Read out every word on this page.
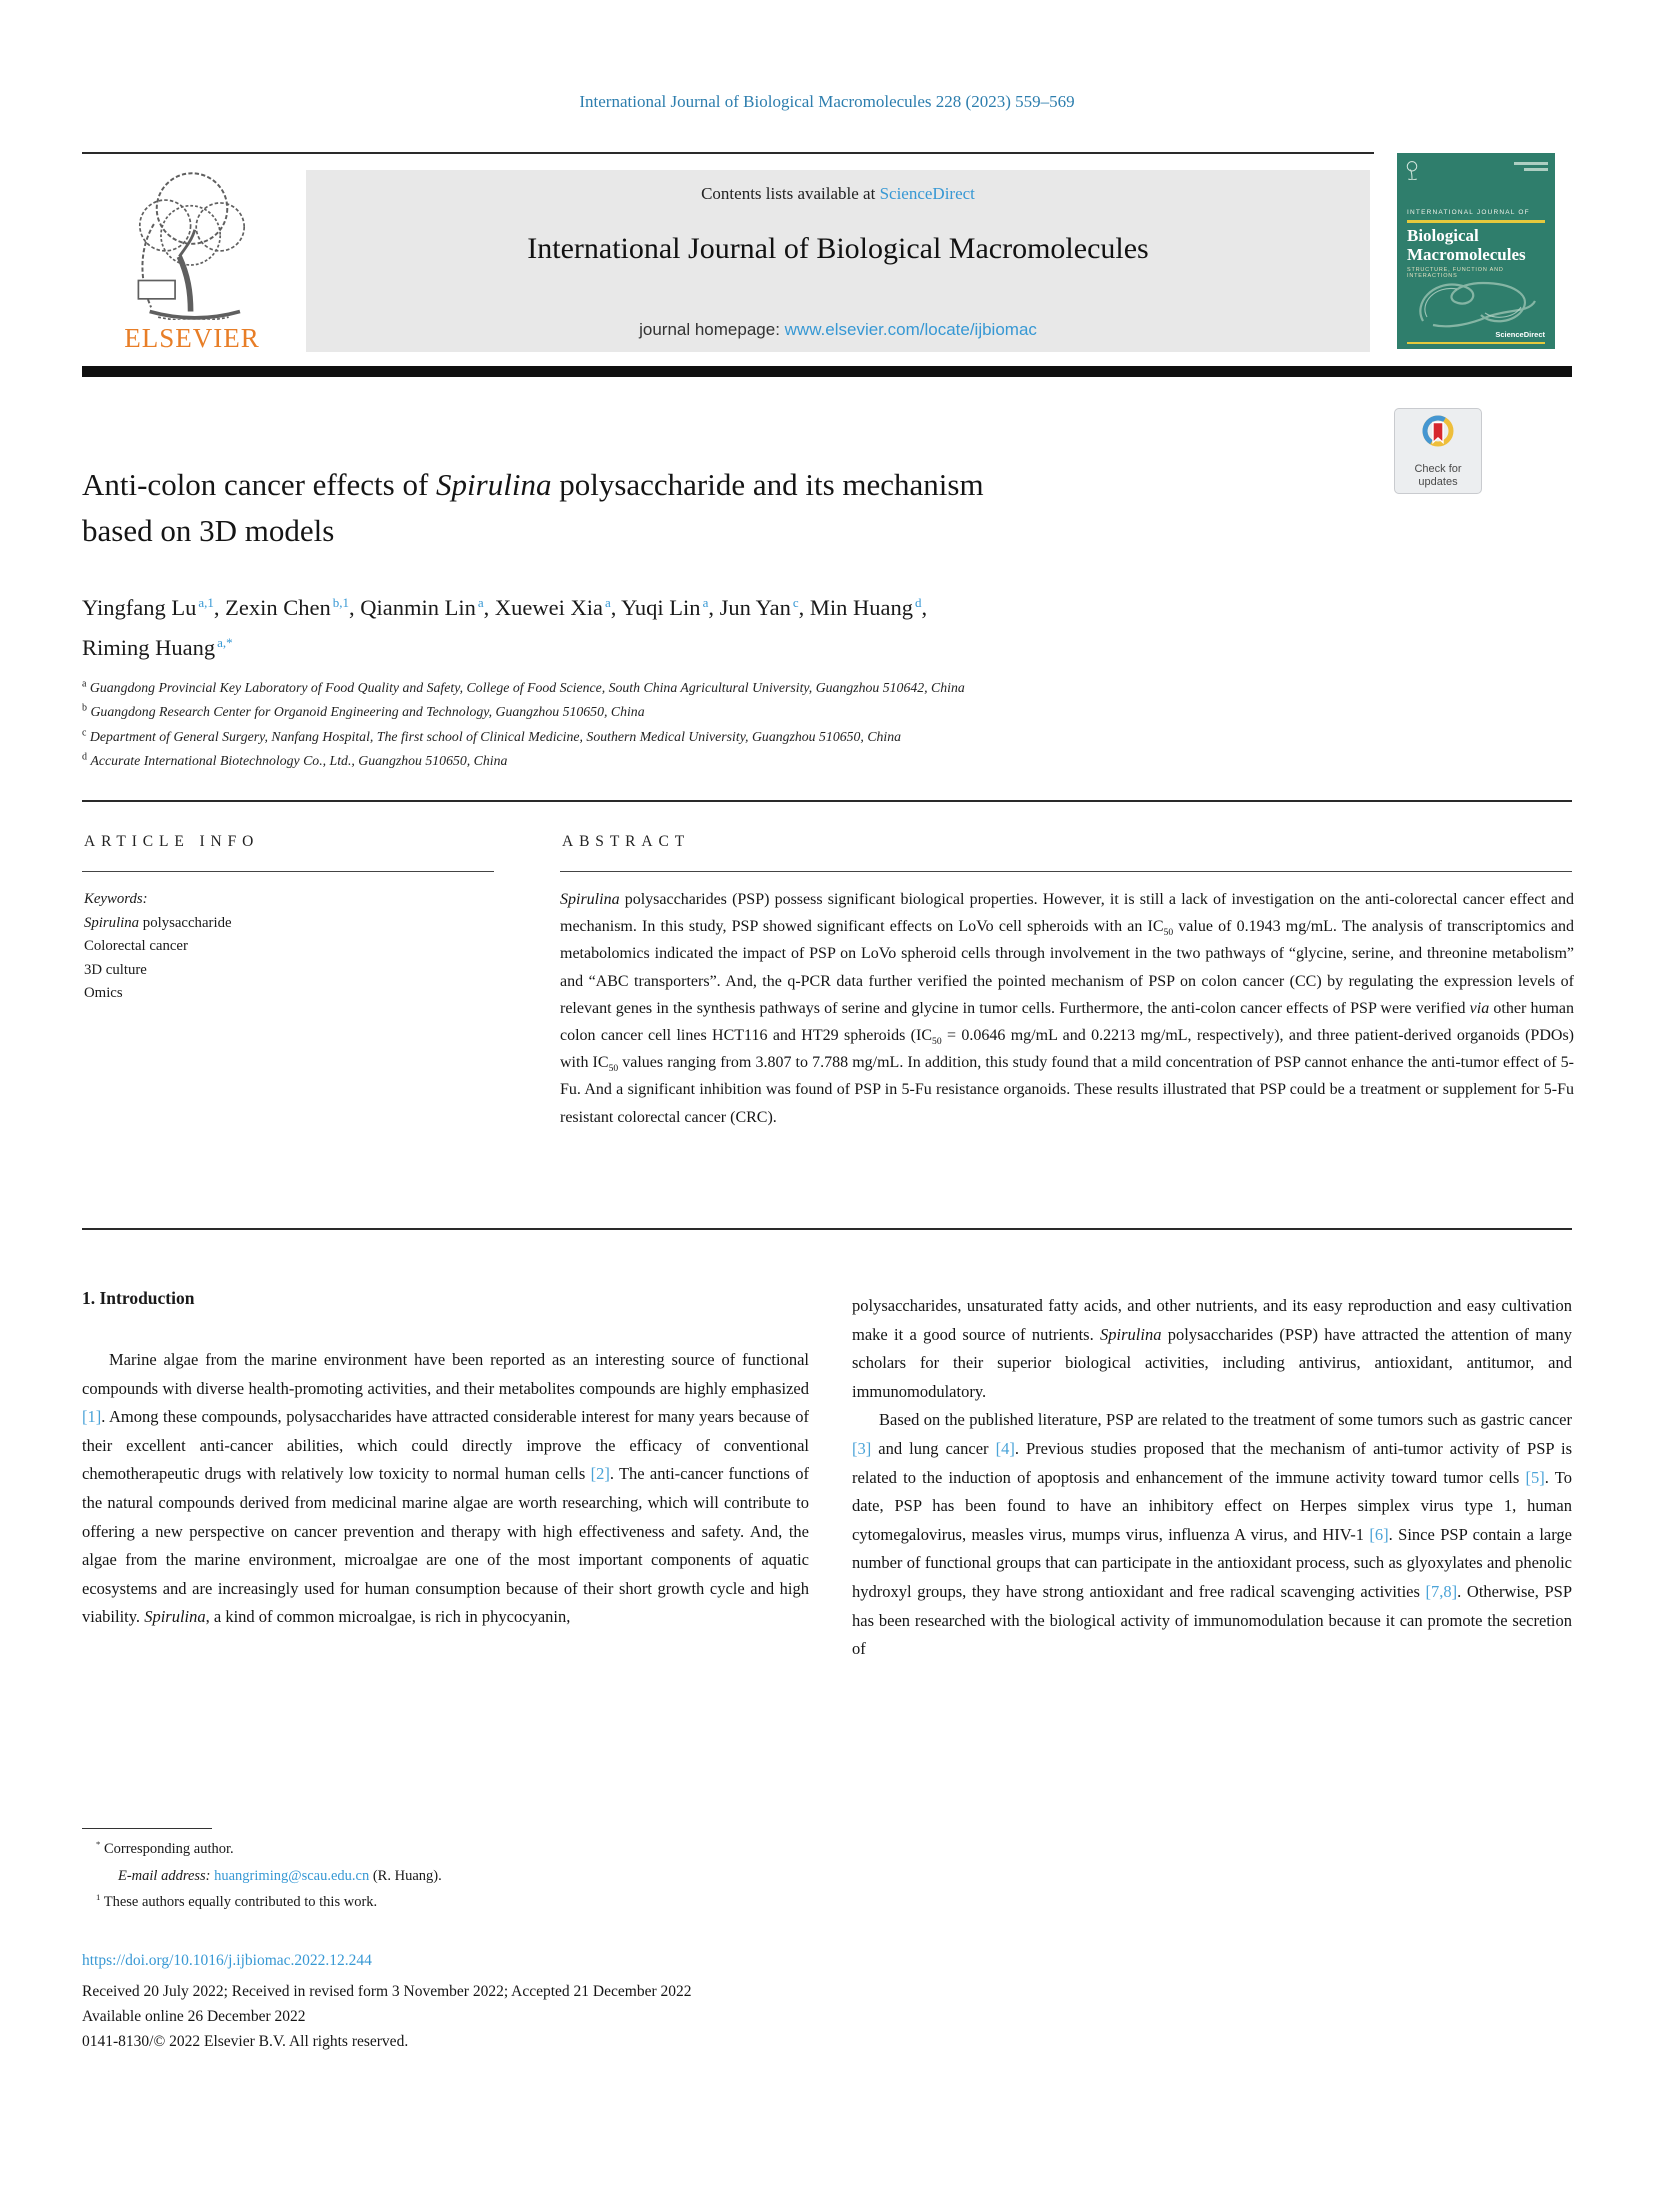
International Journal of Biological Macromolecules 228 (2023) 559–569
ELSEVIER
Contents lists available at ScienceDirect
International Journal of Biological Macromolecules
journal homepage: www.elsevier.com/locate/ijbiomac
INTERNATIONAL JOURNAL OF
Biological
Macromolecules
STRUCTURE, FUNCTION AND INTERACTIONS
ScienceDirect
Check for
updates
Anti-colon cancer effects of Spirulina polysaccharide and its mechanism
based on 3D models
Yingfang Lu $^{a,1}$, Zexin Chen $^{b,1}$, Qianmin Lin $^a$, Xuewei Xia $^a$, Yuqi Lin $^a$, Jun Yan $^c$, Min Huang $^d$,
Riming Huang $^{a,*}$
$^a$ Guangdong Provincial Key Laboratory of Food Quality and Safety, College of Food Science, South China Agricultural University, Guangzhou 510642, China
$^b$ Guangdong Research Center for Organoid Engineering and Technology, Guangzhou 510650, China
$^c$ Department of General Surgery, Nanfang Hospital, The first school of Clinical Medicine, Southern Medical University, Guangzhou 510650, China
$^d$ Accurate International Biotechnology Co., Ltd., Guangzhou 510650, China
ARTICLE INFO	ABSTRACT
Keywords:
Spirulina polysaccharide
Colorectal cancer
3D culture
Omics
Spirulina polysaccharides (PSP) possess significant biological properties. However, it is still a lack of investigation on the anti-colorectal cancer effect and mechanism. In this study, PSP showed significant effects on LoVo cell spheroids with an $IC_{50}$ value of 0.1943 mg/mL. The analysis of transcriptomics and metabolomics indicated the impact of PSP on LoVo spheroid cells through involvement in the two pathways of “glycine, serine, and threonine metabolism” and “ABC transporters”. And, the q-PCR data further verified the pointed mechanism of PSP on colon cancer (CC) by regulating the expression levels of relevant genes in the synthesis pathways of serine and glycine in tumor cells. Furthermore, the anti-colon cancer effects of PSP were verified via other human colon cancer cell lines HCT116 and HT29 spheroids ($IC_{50} = 0.0646$ mg/mL and 0.2213 mg/mL, respectively), and three patient-derived organoids (PDOs) with $IC_{50}$ values ranging from 3.807 to 7.788 mg/mL. In addition, this study found that a mild concentration of PSP cannot enhance the anti-tumor effect of 5-Fu. And a significant inhibition was found of PSP in 5-Fu resistance organoids. These results illustrated that PSP could be a treatment or supplement for 5-Fu resistant colorectal cancer (CRC).
1. Introduction

Marine algae from the marine environment have been reported as an interesting source of functional compounds with diverse health-promoting activities, and their metabolites compounds are highly emphasized [1]. Among these compounds, polysaccharides have attracted considerable interest for many years because of their excellent anti-cancer abilities, which could directly improve the efficacy of conventional chemotherapeutic drugs with relatively low toxicity to normal human cells [2]. The anti-cancer functions of the natural compounds derived from medicinal marine algae are worth researching, which will contribute to offering a new perspective on cancer prevention and therapy with high effectiveness and safety. And, the algae from the marine environment, microalgae are one of the most important components of aquatic ecosystems and are increasingly used for human consumption because of their short growth cycle and high viability. Spirulina, a kind of common microalgae, is rich in phycocyanin,

polysaccharides, unsaturated fatty acids, and other nutrients, and its easy reproduction and easy cultivation make it a good source of nutrients. Spirulina polysaccharides (PSP) have attracted the attention of many scholars for their superior biological activities, including antivirus, antioxidant, antitumor, and immunomodulatory.

Based on the published literature, PSP are related to the treatment of some tumors such as gastric cancer [3] and lung cancer [4]. Previous studies proposed that the mechanism of anti-tumor activity of PSP is related to the induction of apoptosis and enhancement of the immune activity toward tumor cells [5]. To date, PSP has been found to have an inhibitory effect on Herpes simplex virus type 1, human cytomegalovirus, measles virus, mumps virus, influenza A virus, and HIV-1 [6]. Since PSP contain a large number of functional groups that can participate in the antioxidant process, such as glyoxylates and phenolic hydroxyl groups, they have strong antioxidant and free radical scavenging activities [7,8]. Otherwise, PSP has been researched with the biological activity of immunomodulation because it can promote the secretion of

* Corresponding author.
E-mail address: huangriming@scau.edu.cn (R. Huang).
$^1$ These authors equally contributed to this work.
https://doi.org/10.1016/j.ijbiomac.2022.12.244
Received 20 July 2022; Received in revised form 3 November 2022; Accepted 21 December 2022
Available online 26 December 2022
0141-8130/© 2022 Elsevier B.V. All rights reserved.
